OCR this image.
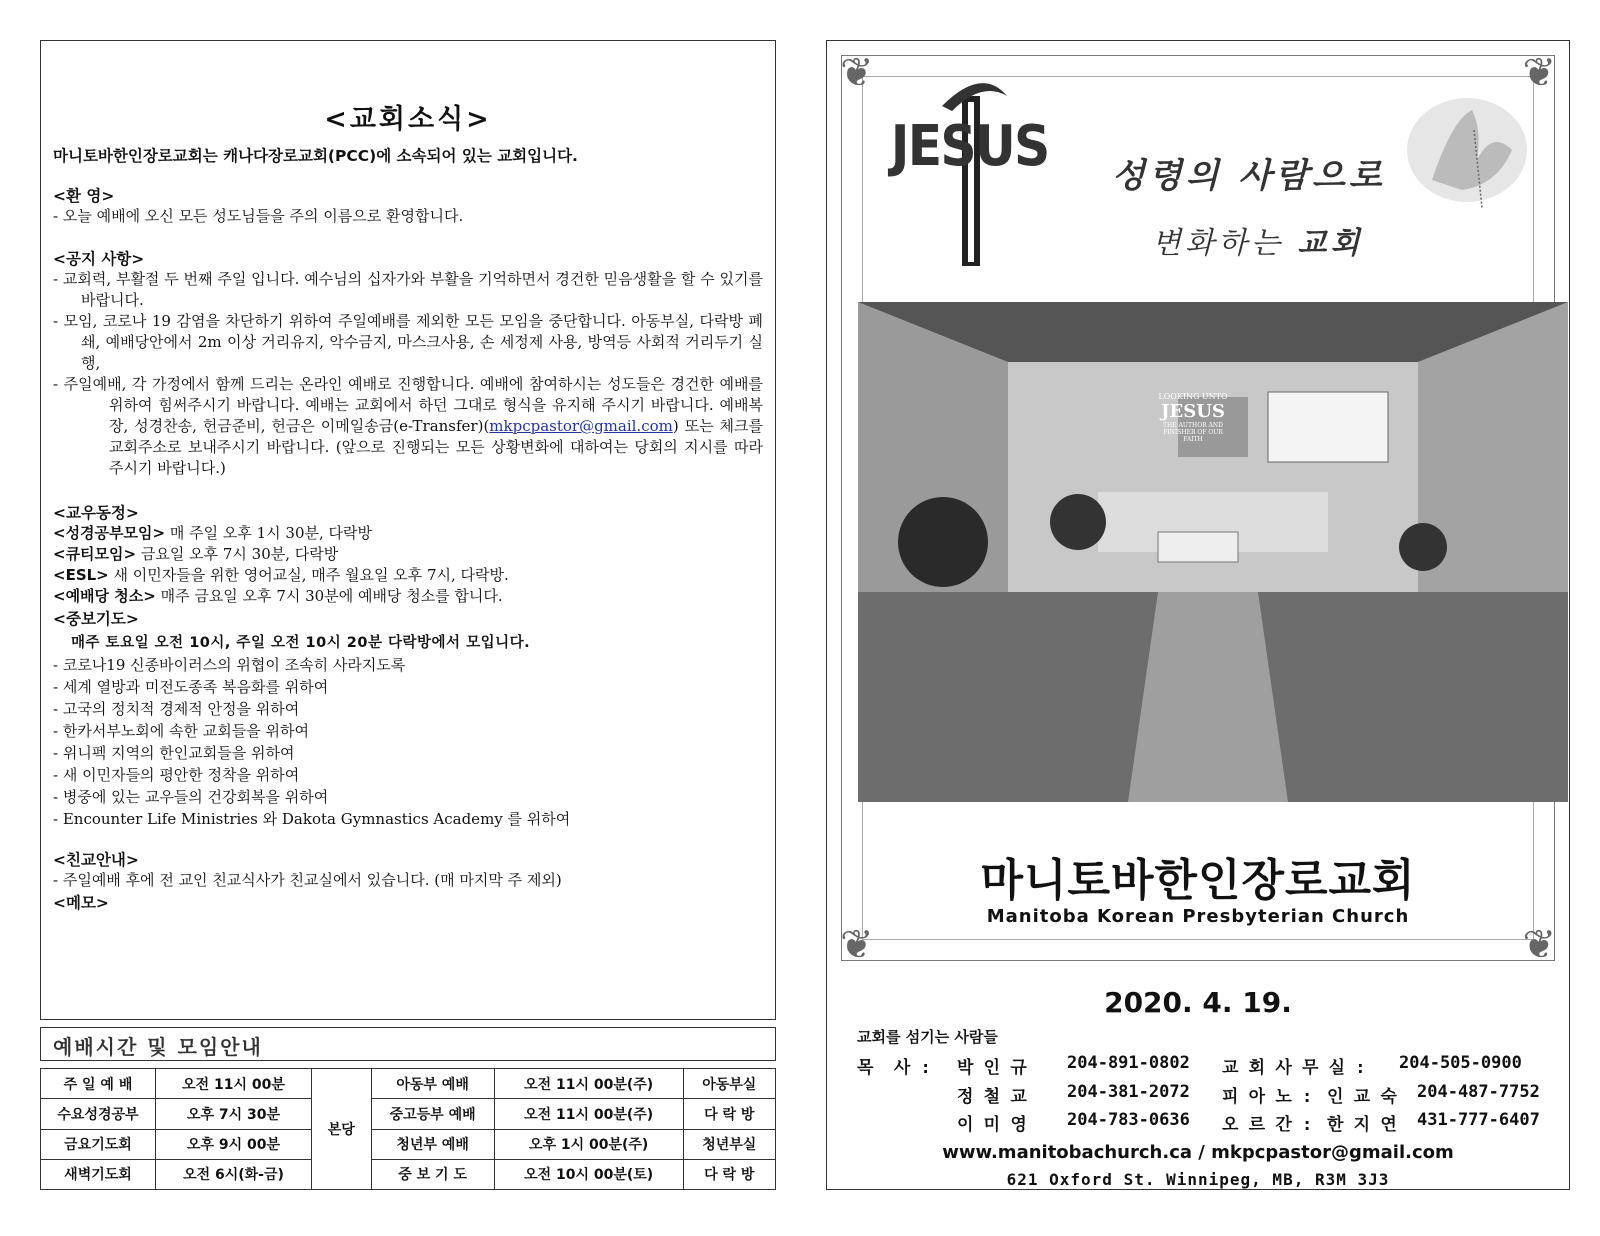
<교회소식>

마니토바한인장로교회는 캐나다장로교회(PCC)에 소속되어 있는 교회입니다.

<환 영>

- 오늘 예배에 오신 모든 성도님들을 주의 이름으로 환영합니다.

<공지 사항>

- 교회력, 부활절 두 번째 주일 입니다. 예수님의 십자가와 부활을 기억하면서 경건한 믿음생활을 할 수 있기를 바랍니다.

- 모임, 코로나 19 감염을 차단하기 위하여 주일예배를 제외한 모든 모임을 중단합니다. 아동부실, 다락방 폐쇄, 예배당안에서 2m 이상 거리유지, 악수금지, 마스크사용, 손 세정제 사용, 방역등 사회적 거리두기 실행,

- 주일예배, 각 가정에서 함께 드리는 온라인 예배로 진행합니다. 예배에 참여하시는 성도들은 경건한 예배를 위하여 힘써주시기 바랍니다. 예배는 교회에서 하던 그대로 형식을 유지해 주시기 바랍니다. 예배복장, 성경찬송, 헌금준비, 헌금은 이메일송금(e-Transfer)(mkpcpastor@gmail.com) 또는 체크를 교회주소로 보내주시기 바랍니다. (앞으로 진행되는 모든 상황변화에 대하여는 당회의 지시를 따라 주시기 바랍니다.)

<교우동정>

<성경공부모임> 매 주일 오후 1시 30분, 다락방

<큐티모임> 금요일 오후 7시 30분, 다락방

<ESL> 새 이민자들을 위한 영어교실, 매주 월요일 오후 7시, 다락방.

<예배당 청소> 매주 금요일 오후 7시 30분에 예배당 청소를 합니다.

<중보기도>

매주 토요일 오전 10시, 주일 오전 10시 20분 다락방에서 모입니다.

- 코로나19 신종바이러스의 위협이 조속히 사라지도록

- 세계 열방과 미전도종족 복음화를 위하여

- 고국의 정치적 경제적 안정을 위하여

- 한카서부노회에 속한 교회들을 위하여

- 위니펙 지역의 한인교회들을 위하여

- 새 이민자들의 평안한 정착을 위하여

- 병중에 있는 교우들의 건강회복을 위하여

- Encounter Life Ministries 와 Dakota Gymnastics Academy 를 위하여

<친교안내>

- 주일예배 후에 전 교인 친교식사가 친교실에서 있습니다. (매 마지막 주 제외)

<메모>
예배시간 및 모임안내
주 일 예 배	오전 11시 00분	본당	아동부 예배	오전 11시 00분(주)	아동부실
수요성경공부	오후 7시 30분		중고등부 예배	오전 11시 00분(주)	다 락 방
금요기도회	오후 9시 00분		청년부 예배	오후 1시 00분(주)	청년부실
새벽기도회	오전 6시(화-금)		중 보 기 도	오전 10시 00분(토)	다 락 방
❦	❦
❦	❦
JESUS 성령의 사람으로
변화하는 교회
LOOKING UNTO
JESUS
THE AUTHOR AND FINISHER OF OUR FAITH
마니토바한인장로교회
Manitoba Korean Presbyterian Church
2020. 4. 19.
교회를 섬기는 사람들
목  사 : 박 인 규 204-891-0802 교 회 사 무 실 : 204-505-0900
정 철 교 204-381-2072 피 아 노 : 인 교 숙 204-487-7752
이 미 영 204-783-0636 오 르 간 : 한 지 연 431-777-6407
www.manitobachurch.ca / mkpcpastor@gmail.com
621 Oxford St. Winnipeg, MB, R3M 3J3
